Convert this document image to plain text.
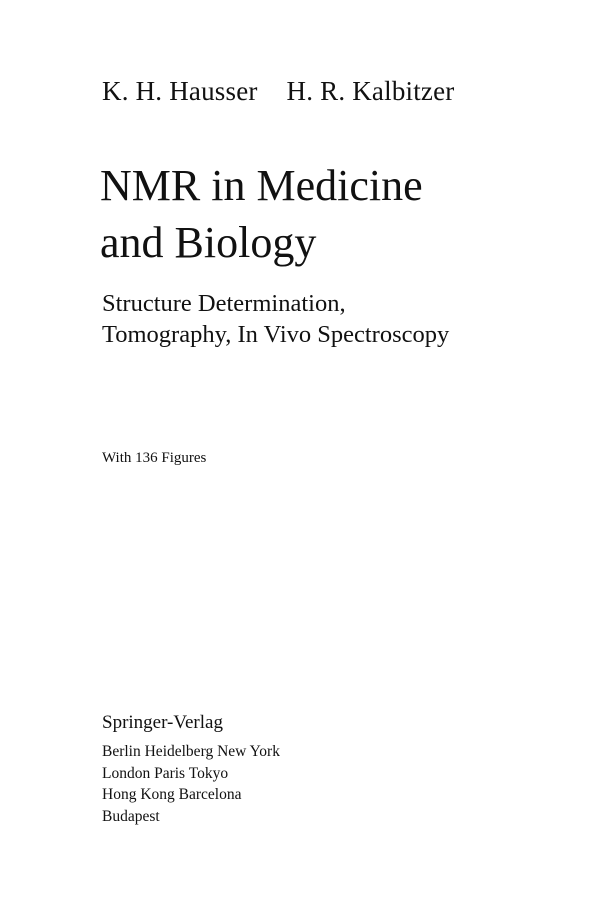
K. H. Hausser H. R. Kalbitzer
NMR in Medicine
and Biology
Structure Determination,
Tomography, In Vivo Spectroscopy
With 136 Figures
Springer-Verlag
Berlin Heidelberg New York
London Paris Tokyo
Hong Kong Barcelona
Budapest
